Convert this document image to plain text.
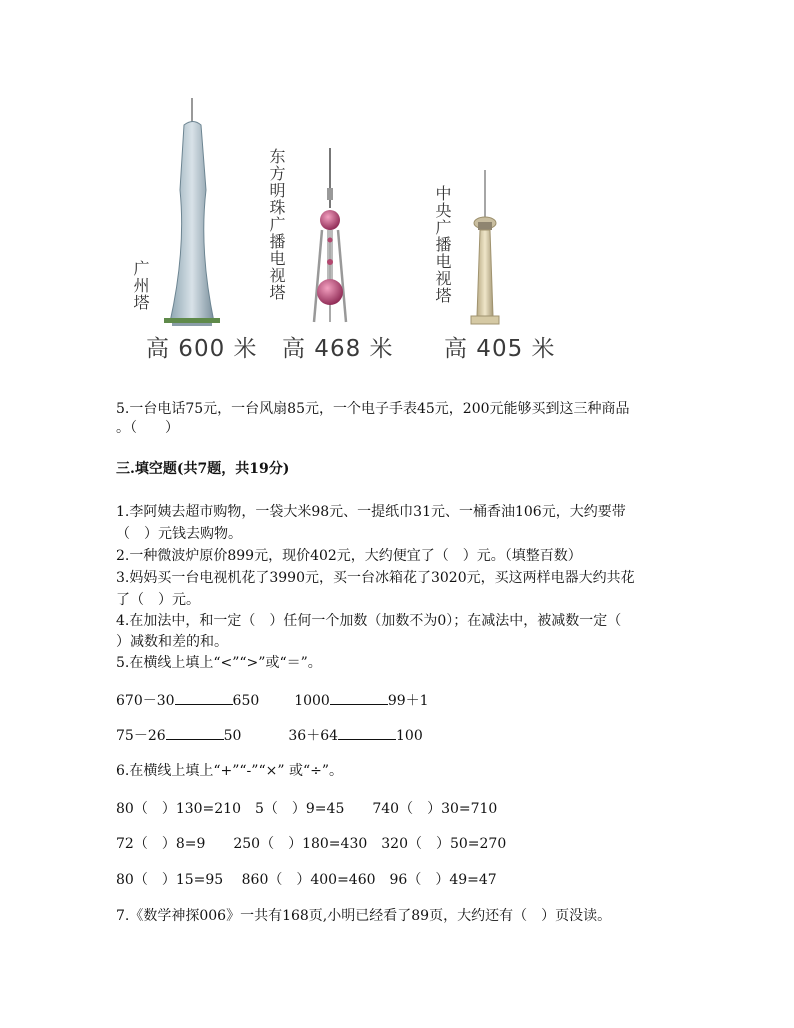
广州塔	东方明珠广播电视塔	中央广播电视塔
高 600 米 高 468 米 高 405 米
5.一台电话75元，一台风扇85元，一个电子手表45元，200元能够买到这三种商品
。（　　）
三.填空题(共7题，共19分)
1.李阿姨去超市购物，一袋大米98元、一提纸巾31元、一桶香油106元，大约要带
（　）元钱去购物。
2.一种微波炉原价899元，现价402元，大约便宜了（　）元。（填整百数）
3.妈妈买一台电视机花了3990元，买一台冰箱花了3020元，买这两样电器大约共花
了（　）元。
4.在加法中，和一定（　）任何一个加数（加数不为0）；在减法中，被减数一定（
）减数和差的和。
5.在横线上填上“<”“>”或“＝”。
670－30	650 1000	99＋1
75－26	50	36＋64	100
6.在横线上填上“+”“-”“×” 或“÷”。
80（　）130=210　5（　）9=45　　740（　）30=710
72（　）8=9　　250（　）180=430　320（　）50=270
80（　）15=95　 860（　）400=460　96（　）49=47
7.《数学神探006》一共有168页,小明已经看了89页，大约还有（　）页没读。
